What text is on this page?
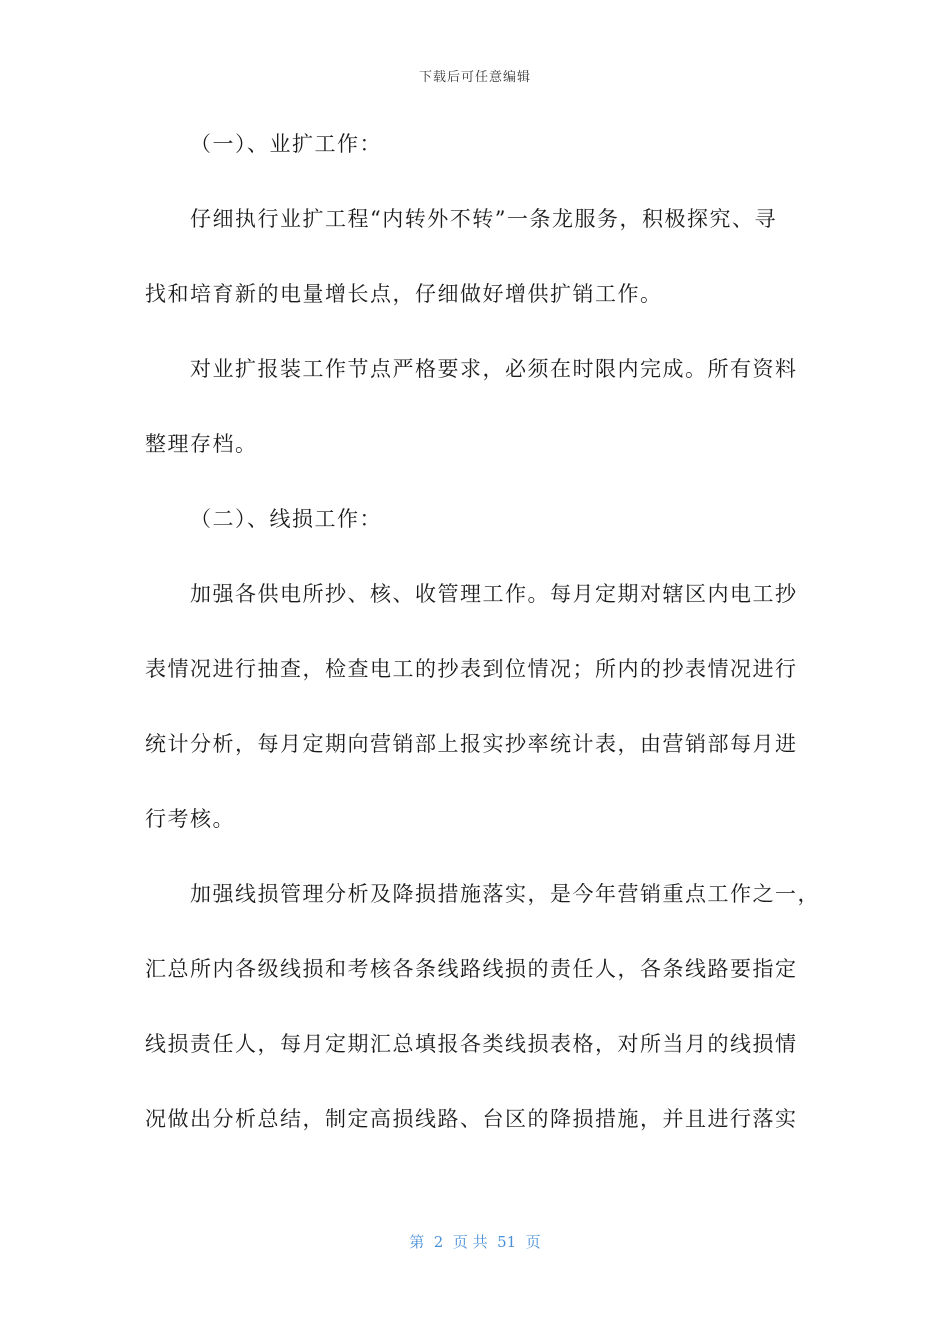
下载后可任意编辑
（一）、业扩工作：
仔细执行业扩工程“内转外不转”一条龙服务，积极探究、寻
找和培育新的电量增长点，仔细做好增供扩销工作。
对业扩报装工作节点严格要求，必须在时限内完成。所有资料
整理存档。
（二）、线损工作：
加强各供电所抄、核、收管理工作。每月定期对辖区内电工抄
表情况进行抽查，检查电工的抄表到位情况；所内的抄表情况进行
统计分析，每月定期向营销部上报实抄率统计表，由营销部每月进
行考核。
加强线损管理分析及降损措施落实，是今年营销重点工作之一，
汇总所内各级线损和考核各条线路线损的责任人，各条线路要指定
线损责任人，每月定期汇总填报各类线损表格，对所当月的线损情
况做出分析总结，制定高损线路、台区的降损措施，并且进行落实
第  2  页 共  51  页
